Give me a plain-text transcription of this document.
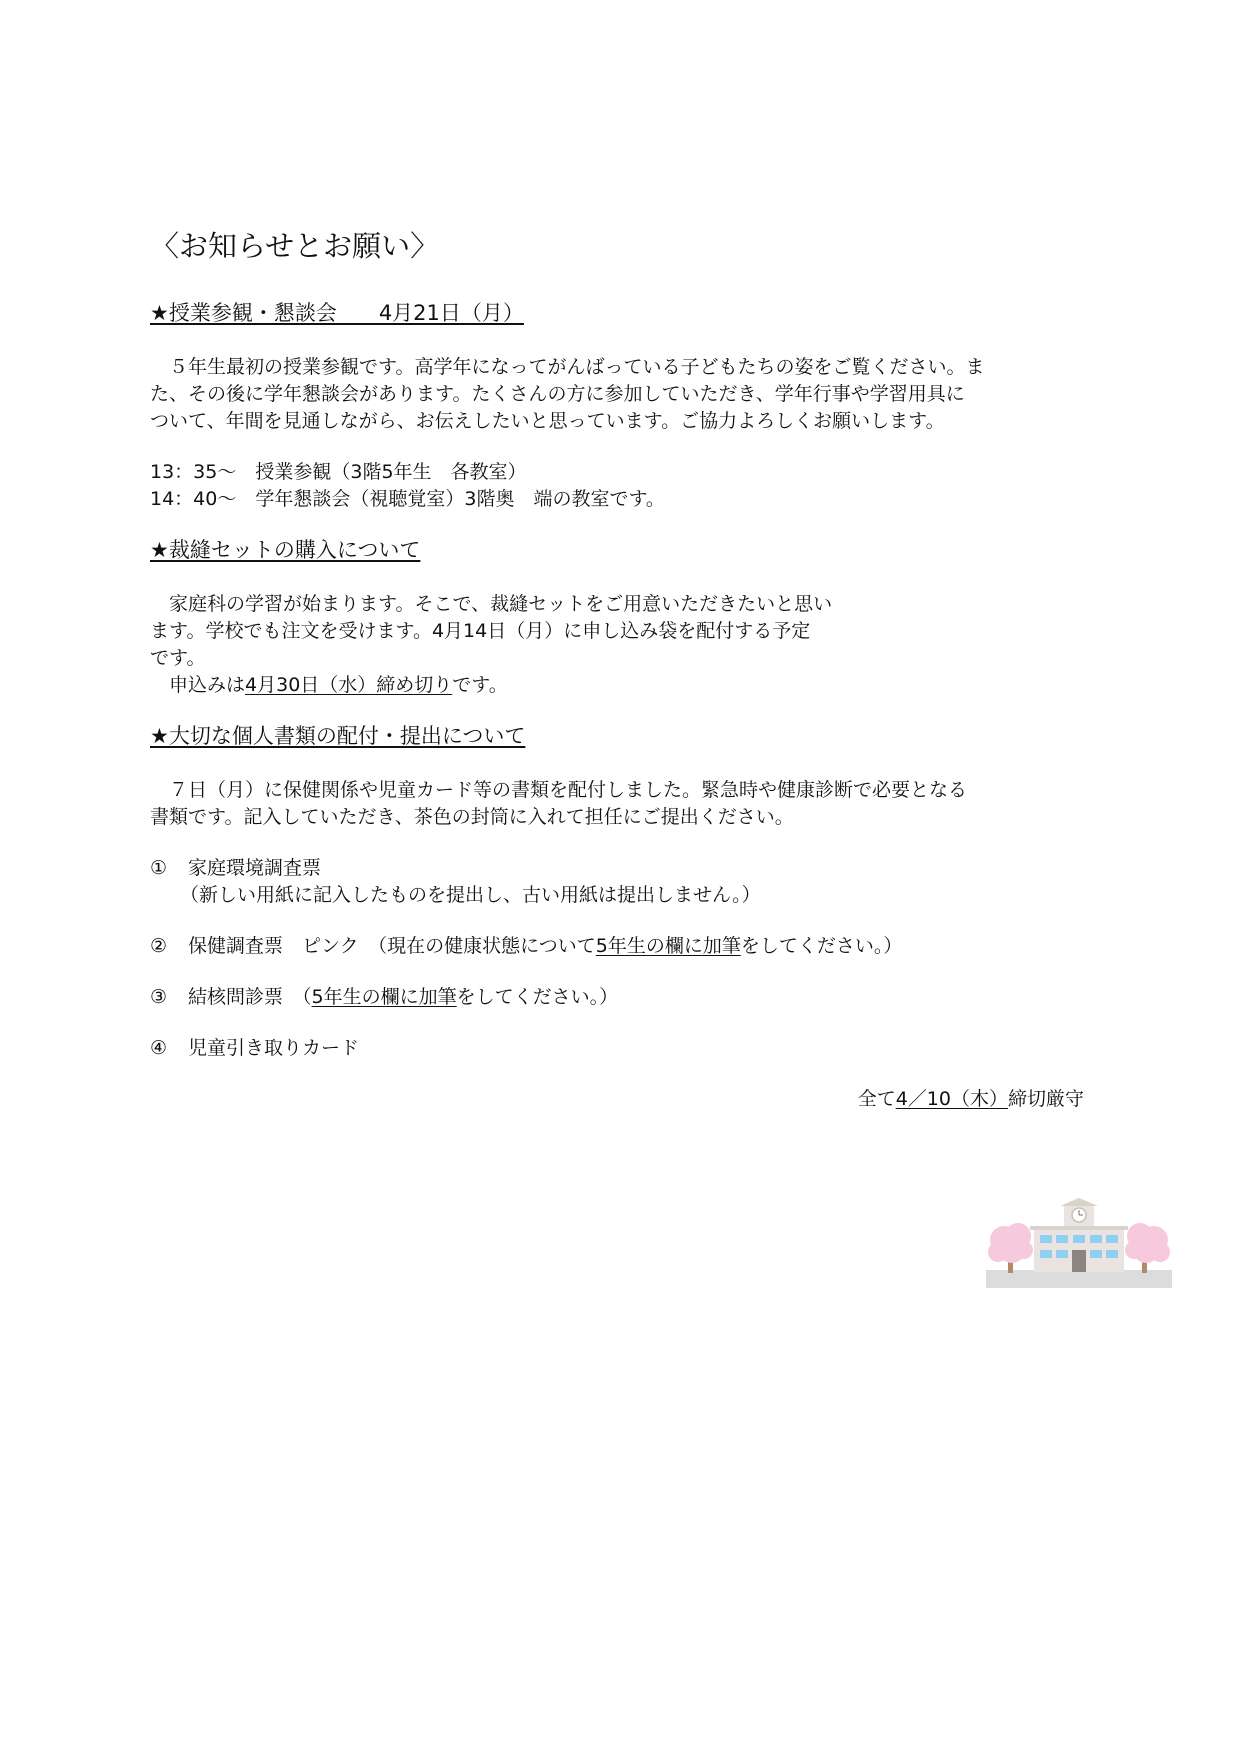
〈お知らせとお願い〉
★授業参観・懇談会　　4月21日（月）

　５年生最初の授業参観です。高学年になってがんばっている子どもたちの姿をご覧ください。ま

た、その後に学年懇談会があります。たくさんの方に参加していただき、学年行事や学習用具に

ついて、年間を見通しながら、お伝えしたいと思っています。ご協力よろしくお願いします。

13：35～　授業参観（3階5年生　各教室）

14：40～　学年懇談会（視聴覚室）3階奥　端の教室です。

★裁縫セットの購入について

　家庭科の学習が始まります。そこで、裁縫セットをご用意いただきたいと思い

ます。学校でも注文を受けます。4月14日（月）に申し込み袋を配付する予定

です。

　申込みは4月30日（水）締め切りです。

★大切な個人書類の配付・提出について

　７日（月）に保健関係や児童カード等の書類を配付しました。緊急時や健康診断で必要となる

書類です。記入していただき、茶色の封筒に入れて担任にご提出ください。

① 家庭環境調査票
（新しい用紙に記入したものを提出し、古い用紙は提出しません。）
② 保健調査票　ピンク　（現在の健康状態について5年生の欄に加筆をしてください。）
③ 結核問診票　（5年生の欄に加筆をしてください。）
④ 児童引き取りカード
全て4／10（木）締切厳守
